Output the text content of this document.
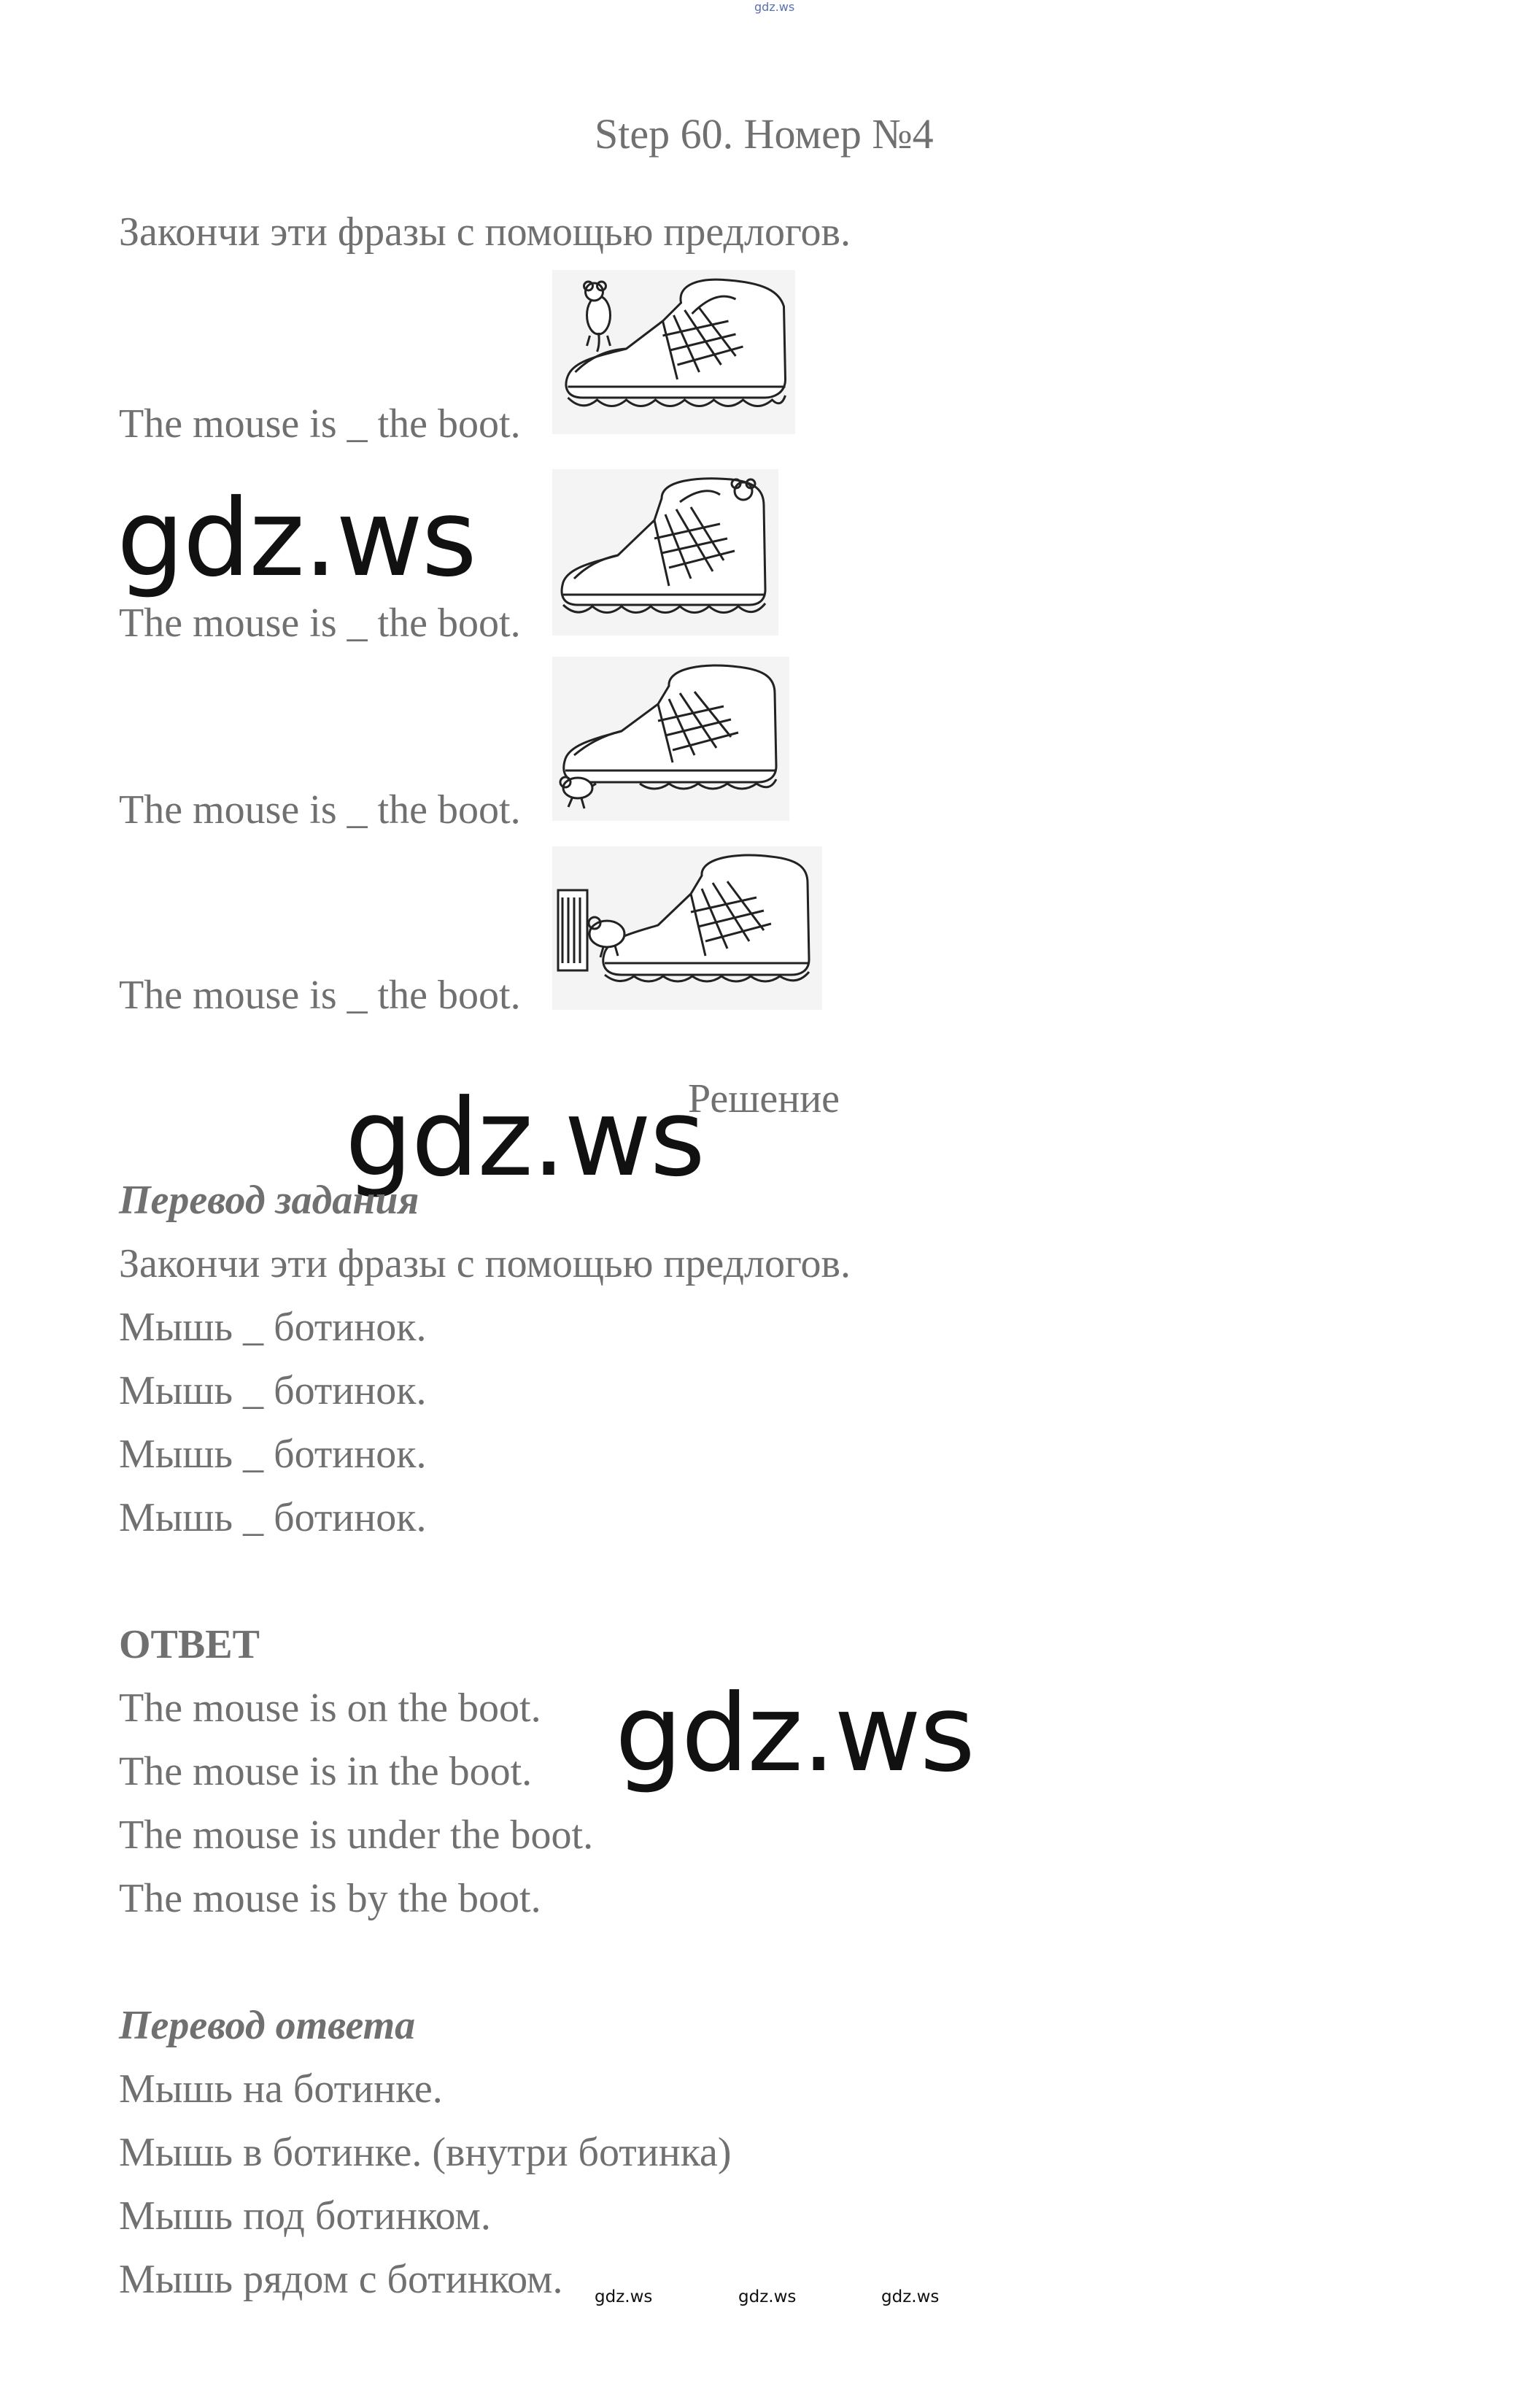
gdz.ws
Step 60. Номер №4
Закончи эти фразы с помощью предлогов.
The mouse is _ the boot.
gdz.ws
The mouse is _ the boot.
The mouse is _ the boot.
The mouse is _ the boot.
Решение
gdz.ws
Перевод задания
Закончи эти фразы с помощью предлогов.
Мышь _ ботинок.
Мышь _ ботинок.
Мышь _ ботинок.
Мышь _ ботинок.
ОТВЕТ
The mouse is on the boot.
The mouse is in the boot.
The mouse is under the boot.
The mouse is by the boot.
gdz.ws
Перевод ответа
Мышь на ботинке.
Мышь в ботинке. (внутри ботинка)
Мышь под ботинком.
Мышь рядом с ботинком. gdz.ws	gdz.ws	gdz.ws
